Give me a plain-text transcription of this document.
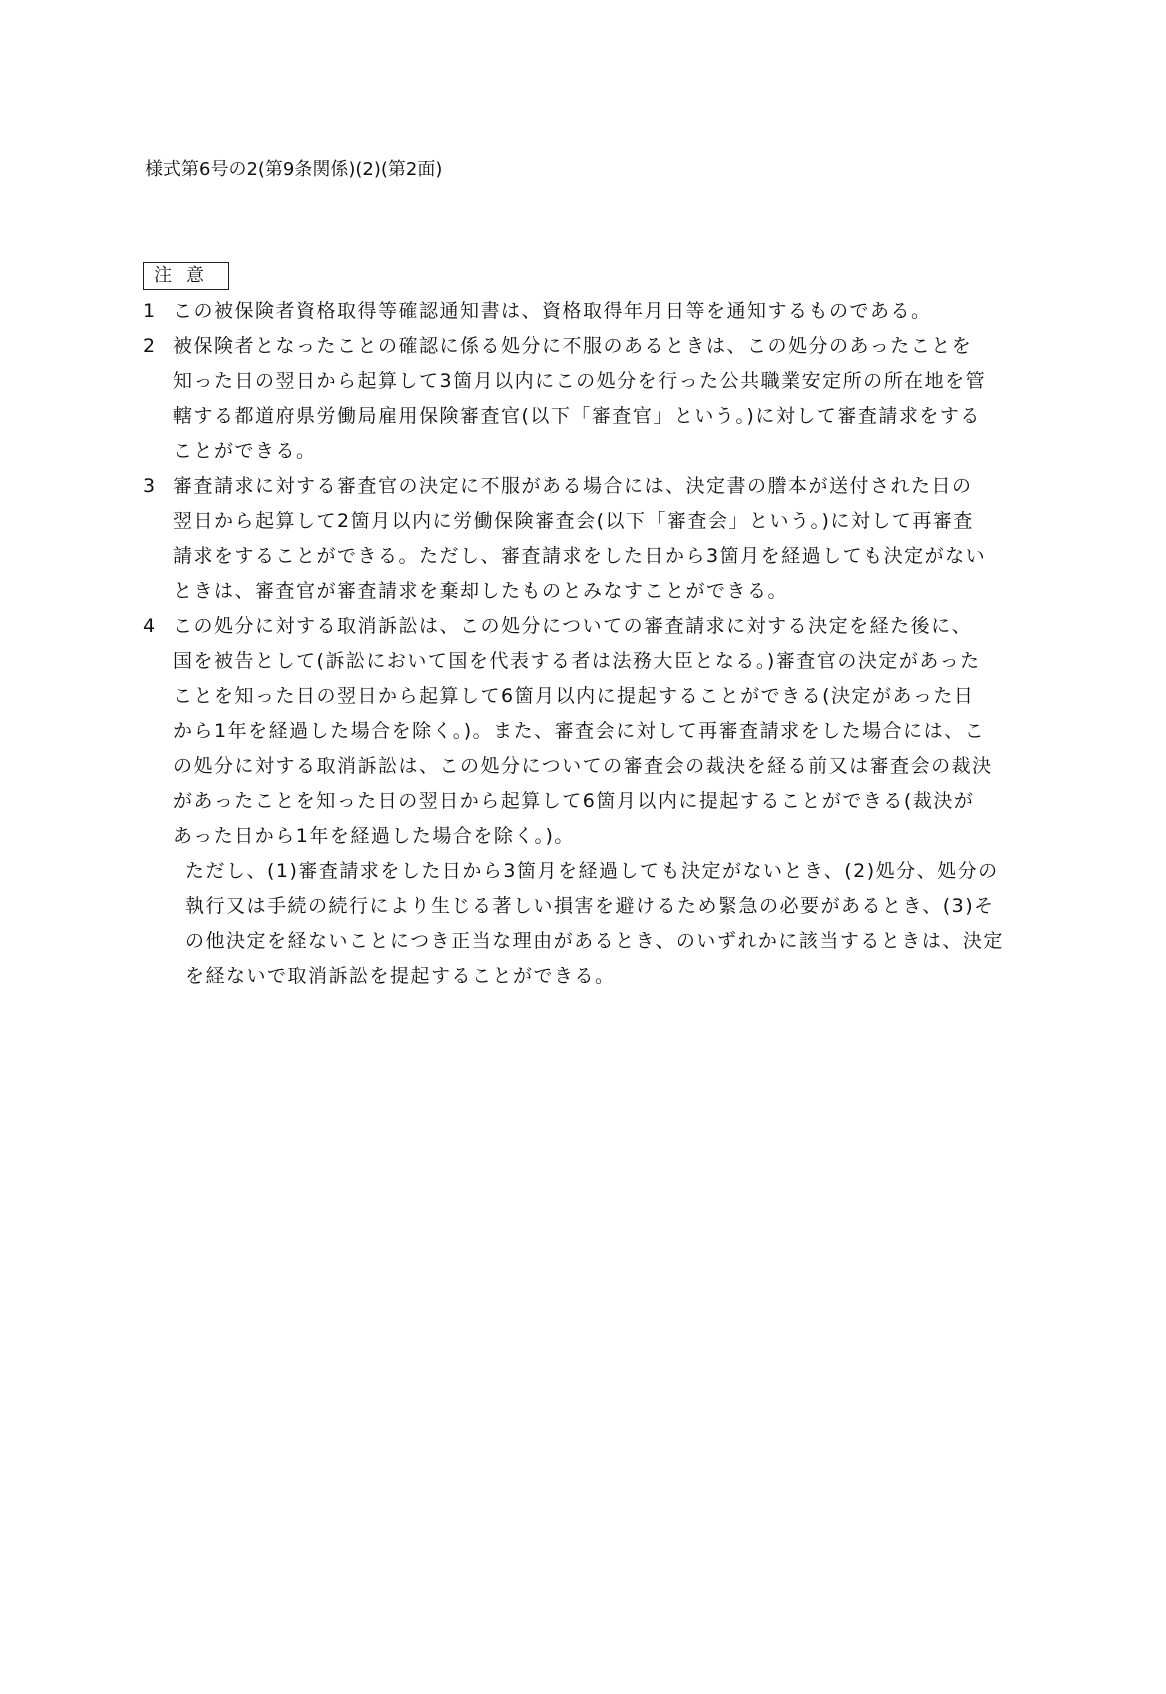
様式第6号の2(第9条関係)(2)(第2面)
注意
1 この被保険者資格取得等確認通知書は、資格取得年月日等を通知するものである。
2 被保険者となったことの確認に係る処分に不服のあるときは、この処分のあったことを
知った日の翌日から起算して3箇月以内にこの処分を行った公共職業安定所の所在地を管
轄する都道府県労働局雇用保険審査官(以下「審査官」という。)に対して審査請求をする
ことができる。
3 審査請求に対する審査官の決定に不服がある場合には、決定書の謄本が送付された日の
翌日から起算して2箇月以内に労働保険審査会(以下「審査会」という。)に対して再審査
請求をすることができる。ただし、審査請求をした日から3箇月を経過しても決定がない
ときは、審査官が審査請求を棄却したものとみなすことができる。
4 この処分に対する取消訴訟は、この処分についての審査請求に対する決定を経た後に、
国を被告として(訴訟において国を代表する者は法務大臣となる。)審査官の決定があった
ことを知った日の翌日から起算して6箇月以内に提起することができる(決定があった日
から1年を経過した場合を除く。)。また、審査会に対して再審査請求をした場合には、こ
の処分に対する取消訴訟は、この処分についての審査会の裁決を経る前又は審査会の裁決
があったことを知った日の翌日から起算して6箇月以内に提起することができる(裁決が
あった日から1年を経過した場合を除く。)。
ただし、(1)審査請求をした日から3箇月を経過しても決定がないとき、(2)処分、処分の
執行又は手続の続行により生じる著しい損害を避けるため緊急の必要があるとき、(3)そ
の他決定を経ないことにつき正当な理由があるとき、のいずれかに該当するときは、決定
を経ないで取消訴訟を提起することができる。
